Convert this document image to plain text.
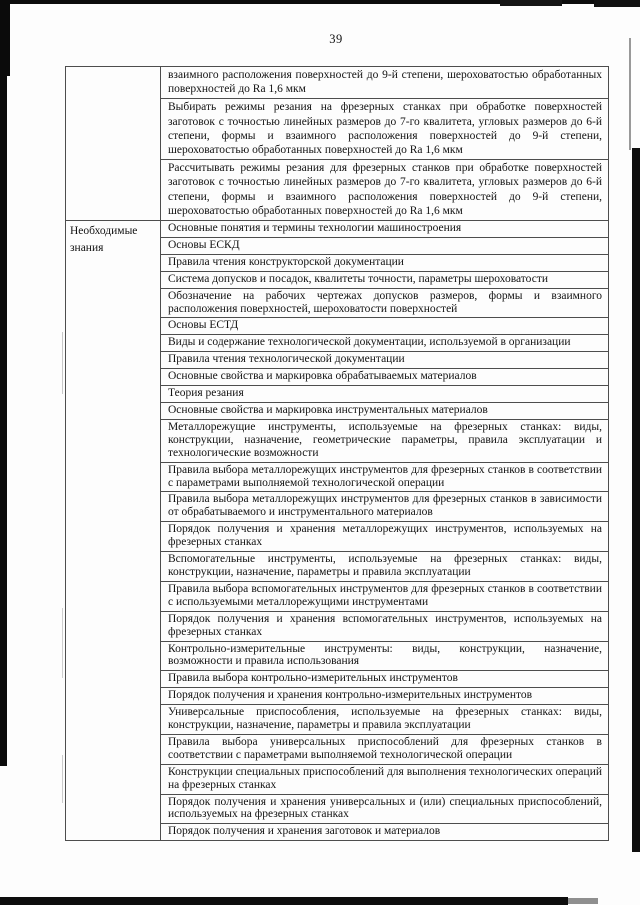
39
	взаимного расположения поверхностей до 9-й степени, шероховатостью обработанных поверхностей до Ra 1,6 мкм
	Выбирать режимы резания на фрезерных станках при обработке поверхностей заготовок с точностью линейных размеров до 7-го квалитета, угловых размеров до 6-й степени, формы и взаимного расположения поверхностей до 9-й степени, шероховатостью обработанных поверхностей до Ra 1,6 мкм
	Рассчитывать режимы резания для фрезерных станков при обработке поверхностей заготовок с точностью линейных размеров до 7-го квалитета, угловых размеров до 6-й степени, формы и взаимного расположения поверхностей до 9-й степени, шероховатостью обработанных поверхностей до Ra 1,6 мкм
Необходимые знания	Основные понятия и термины технологии машиностроения
	Основы ЕСКД
	Правила чтения конструкторской документации
	Система допусков и посадок, квалитеты точности, параметры шероховатости
	Обозначение на рабочих чертежах допусков размеров, формы и взаимного расположения поверхностей, шероховатости поверхностей
	Основы ЕСТД
	Виды и содержание технологической документации, используемой в организации
	Правила чтения технологической документации
	Основные свойства и маркировка обрабатываемых материалов
	Теория резания
	Основные свойства и маркировка инструментальных материалов
	Металлорежущие инструменты, используемые на фрезерных станках: виды, конструкции, назначение, геометрические параметры, правила эксплуатации и технологические возможности
	Правила выбора металлорежущих инструментов для фрезерных станков в соответствии с параметрами выполняемой технологической операции
	Правила выбора металлорежущих инструментов для фрезерных станков в зависимости от обрабатываемого и инструментального материалов
	Порядок получения и хранения металлорежущих инструментов, используемых на фрезерных станках
	Вспомогательные инструменты, используемые на фрезерных станках: виды, конструкции, назначение, параметры и правила эксплуатации
	Правила выбора вспомогательных инструментов для фрезерных станков в соответствии с используемыми металлорежущими инструментами
	Порядок получения и хранения вспомогательных инструментов, используемых на фрезерных станках
	Контрольно-измерительные инструменты: виды, конструкции, назначение, возможности и правила использования
	Правила выбора контрольно-измерительных инструментов
	Порядок получения и хранения контрольно-измерительных инструментов
	Универсальные приспособления, используемые на фрезерных станках: виды, конструкции, назначение, параметры и правила эксплуатации
	Правила выбора универсальных приспособлений для фрезерных станков в соответствии с параметрами выполняемой технологической операции
	Конструкции специальных приспособлений для выполнения технологических операций на фрезерных станках
	Порядок получения и хранения универсальных и (или) специальных приспособлений, используемых на фрезерных станках
	Порядок получения и хранения заготовок и материалов
